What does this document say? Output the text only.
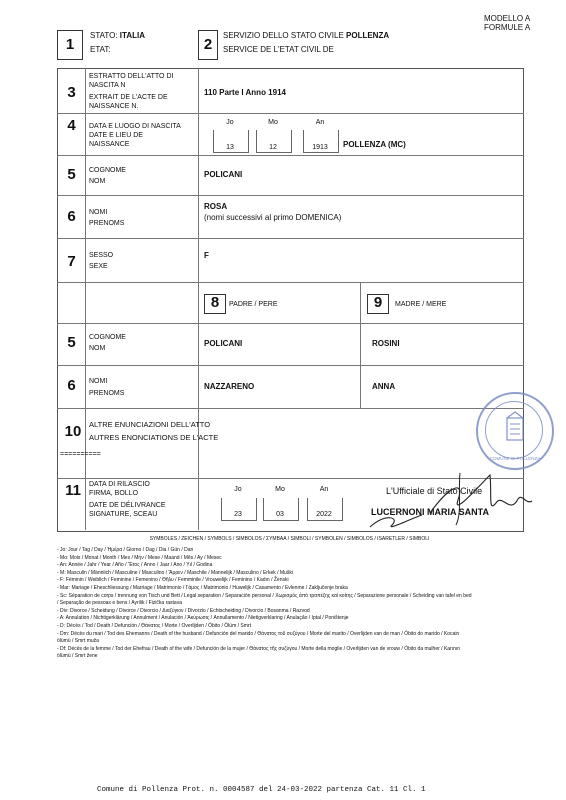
MODELLO A
FORMULE A
1
STATO: ITALIA
ETAT:	2
SERVIZIO DELLO STATO CIVILE POLLENZA
SERVICE DE L'ETAT CIVIL DE
3
ESTRATTO DELL'ATTO DI
NASCITA N
EXTRAIT DE L'ACTE DE
NAISSANCE N.
110 Parte I Anno 1914
4	DATA E LUOGO DI NASCITA
DATE E LIEU DE
NAISSANCE
Jo	Mo	An
13	12	1913	POLLENZA (MC)
5	COGNOME
NOM
POLICANI
6	NOMI
PRENOMS
ROSA
(nomi successivi al primo DOMENICA)
7	SESSO
SEXE
F
8	PADRE / PERE	9	MADRE / MERE
5	COGNOME
NOM
POLICANI	ROSINI
6	NOMI
PRENOMS
NAZZARENO	ANNA
10	ALTRE ENUNCIAZIONI DELL'ATTO
AUTRES ENONCIATIONS DE L'ACTE
==========
11	DATA DI RILASCIO
FIRMA, BOLLO
DATE DE DÉLIVRANCE
SIGNATURE, SCEAU
Jo	Mo	An
23	03	2022
L'Ufficiale di Stato Civile
LUCERNONI MARIA SANTA
COMUNE DI POLLENZA
SYMBOLES / ZEICHEN / SYMBOLS / SIMBOLOS / ΣΥΜΒΑΑ / SIMBOLI / SYMBOLEN / SIMBOLOS / ISARETLER / SIMBOLI
- Jo: Jour / Tag / Day / Ἡμέρα / Giorno / Dag / Dia / Gün / Dan
- Mo: Mois / Monat / Month / Mes / Μήν / Mese / Maand / Mês / Ay / Mesec
- An: Année / Jahr / Year / Año / Ἔτος / Anno / Jaar / Ano / Yıl / Godina
- M: Masculin / Männlich / Masculine / Masculino / Ἄρρεν / Maschile / Mannelijk / Masculino / Erkek / Muški
- F: Féminin / Weiblich / Feminine / Femenino / Θῆλυ / Femminile / Vrouwelijk / Feminino / Kadın / Ženski
- Mar: Mariage / Eheschliessung / Marriage / Matrimonio / Γάμος / Matrimonio / Huwelijk / Casamento / Evlenme / Zaključenje braka
- Sc: Séparation de corps / trennung von Tisch und Bett / Legal separation / Separación personal / Χωρισμός ἀπὸ τραπέζης καὶ κοίτης / Separazione personale / Scheiding van tafel en bed
/ Separação de pessoas e bens / Ayrilik / Fizička rastava
- Div: Divorce / Scheidung / Divorce / Divorcio / Διαζύγιον / Divorzio / Echtscheiding / Divorcio / Bosanma / Razvod
- A: Annulation / Nichtigerklärung / Annulment / Anulación / Ἀκύρωσις / Annullamento / Nietigverklaring / Anulação / Iptal / Poništenje
- D: Décès / Tod / Death / Defunción / Θάνατος / Morte / Overlijden / Óbito / Ölüm / Smrt
- Dm: Décès du mari / Tod des Ehemanns / Death of the husband / Defunción del marido / Θάνατος τοῦ συζύγου / Morte del marito / Overlijden van de man / Óbito do marido / Kocain
ölümü / Smrt muža
- Df: Décès de la femme / Tod der Ehefrau / Death of the wife / Defunción de la mujer / Θάνατος τῆς συζύγου / Morte della moglie / Overlijden van de vrouw / Óbito da mulher / Karının
ölümü / Smrt žene
Comune di Pollenza Prot. n. 0004587 del 24-03-2022 partenza Cat. 11 Cl. 1
